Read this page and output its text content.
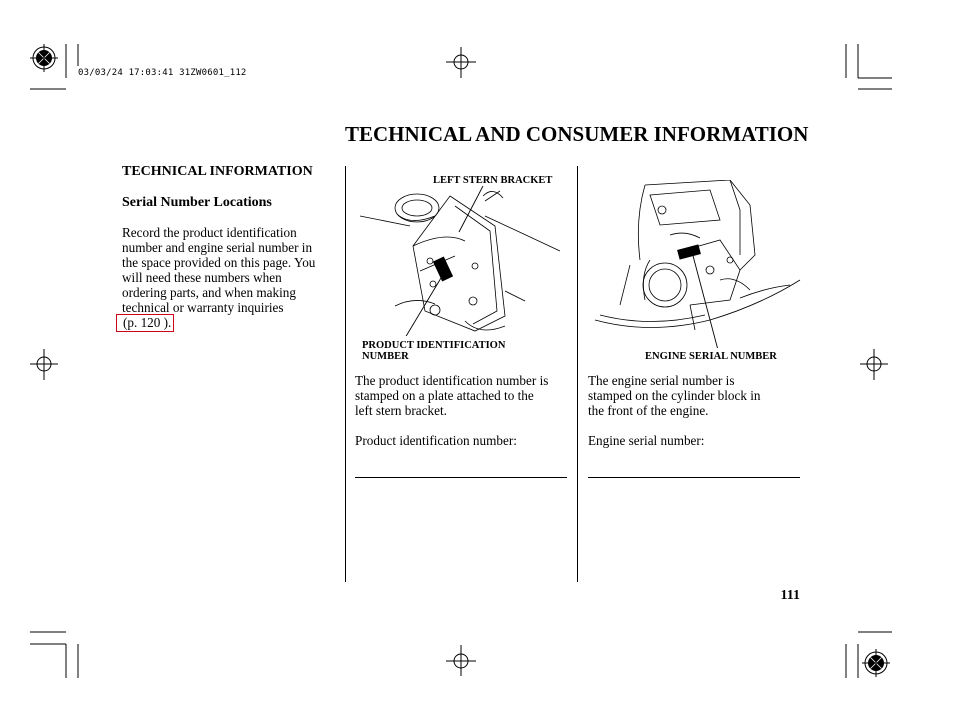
03/03/24 17:03:41 31ZW0601_112
TECHNICAL AND CONSUMER INFORMATION
TECHNICAL INFORMATION
Serial Number Locations
Record the product identification
number and engine serial number in
the space provided on this page. You
will need these numbers when
ordering parts, and when making
technical or warranty inquiries
(p. 120 ).
LEFT STERN BRACKET
PRODUCT IDENTIFICATION
NUMBER	ENGINE SERIAL NUMBER
The product identification number is
stamped on a plate attached to the
left stern bracket.
Product identification number:
The engine serial number is
stamped on the cylinder block in
the front of the engine.
Engine serial number:
111
